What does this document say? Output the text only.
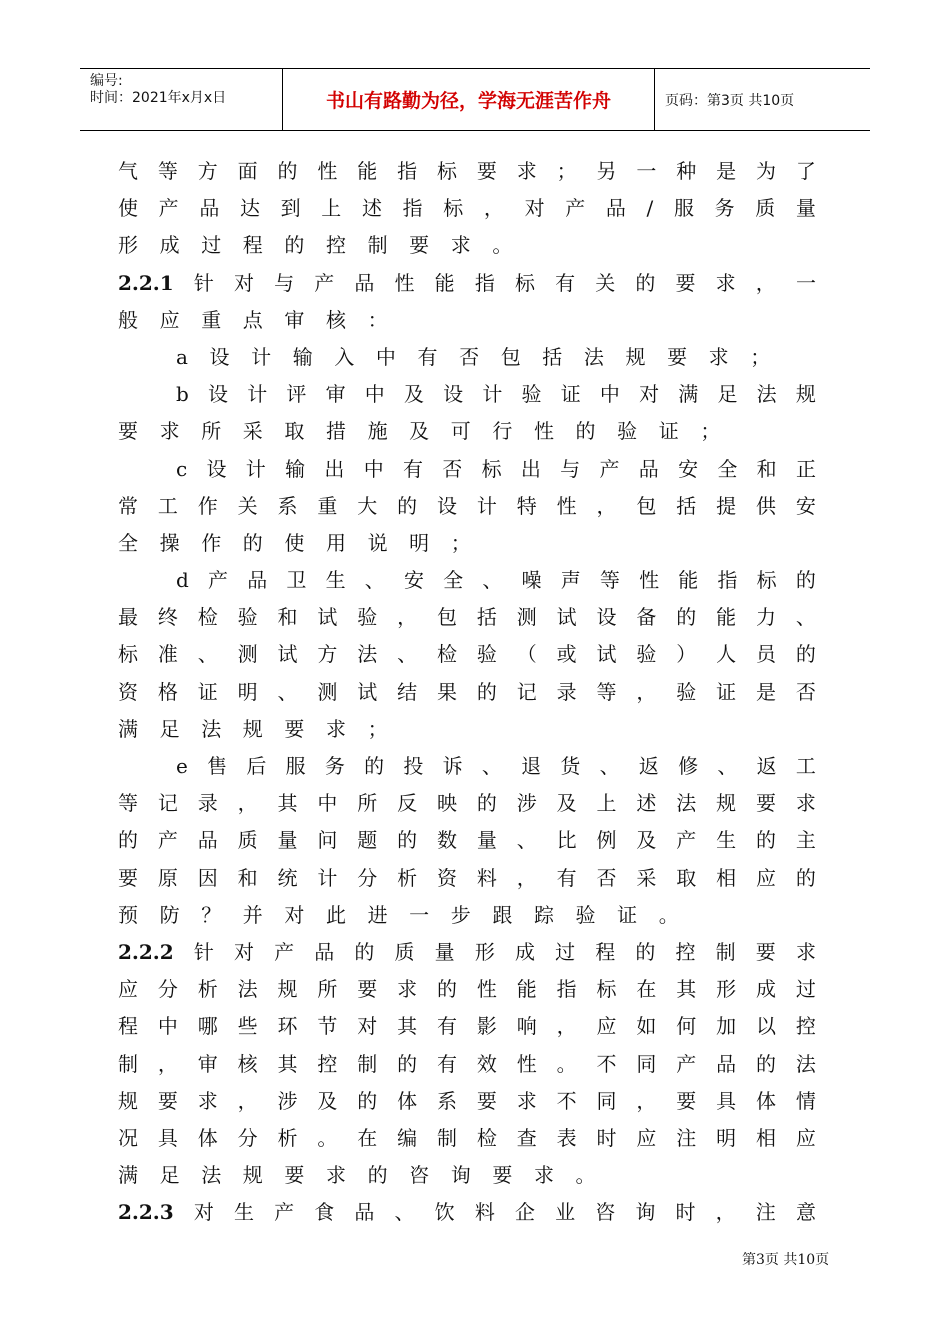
编号:
时间：2021年x月x日	书山有路勤为径，学海无涯苦作舟	页码：第3页 共10页
气 等 方 面 的 性 能 指 标 要 求 ； 另 一 种 是 为 了
使 产 品 达 到 上 述 指 标 ， 对 产 品 / 服 务 质 量
形 成 过 程 的 控 制 要 求 。
2.2.1 针 对 与 产 品 性 能 指 标 有 关 的 要 求 ， 一
般 应 重 点 审 核 ：
a 设 计 输 入 中 有 否 包 括 法 规 要 求 ；
b 设 计 评 审 中 及 设 计 验 证 中 对 满 足 法 规
要 求 所 采 取 措 施 及 可 行 性 的 验 证 ；
c 设 计 输 出 中 有 否 标 出 与 产 品 安 全 和 正
常 工 作 关 系 重 大 的 设 计 特 性 ， 包 括 提 供 安
全 操 作 的 使 用 说 明 ；
d 产 品 卫 生 、 安 全 、 噪 声 等 性 能 指 标 的
最 终 检 验 和 试 验 ， 包 括 测 试 设 备 的 能 力 、
标 准 、 测 试 方 法 、 检 验 （ 或 试 验 ） 人 员 的
资 格 证 明 、 测 试 结 果 的 记 录 等 ， 验 证 是 否
满 足 法 规 要 求 ；
e 售 后 服 务 的 投 诉 、 退 货 、 返 修 、 返 工
等 记 录 ， 其 中 所 反 映 的 涉 及 上 述 法 规 要 求
的 产 品 质 量 问 题 的 数 量 、 比 例 及 产 生 的 主
要 原 因 和 统 计 分 析 资 料 ， 有 否 采 取 相 应 的
预 防 ？ 并 对 此 进 一 步 跟 踪 验 证 。
2.2.2 针 对 产 品 的 质 量 形 成 过 程 的 控 制 要 求
应 分 析 法 规 所 要 求 的 性 能 指 标 在 其 形 成 过
程 中 哪 些 环 节 对 其 有 影 响 ， 应 如 何 加 以 控
制 ， 审 核 其 控 制 的 有 效 性 。 不 同 产 品 的 法
规 要 求 ， 涉 及 的 体 系 要 求 不 同 ， 要 具 体 情
况 具 体 分 析 。 在 编 制 检 查 表 时 应 注 明 相 应
满 足 法 规 要 求 的 咨 询 要 求 。
2.2.3 对 生 产 食 品 、 饮 料 企 业 咨 询 时 ， 注 意
第3页 共10页
